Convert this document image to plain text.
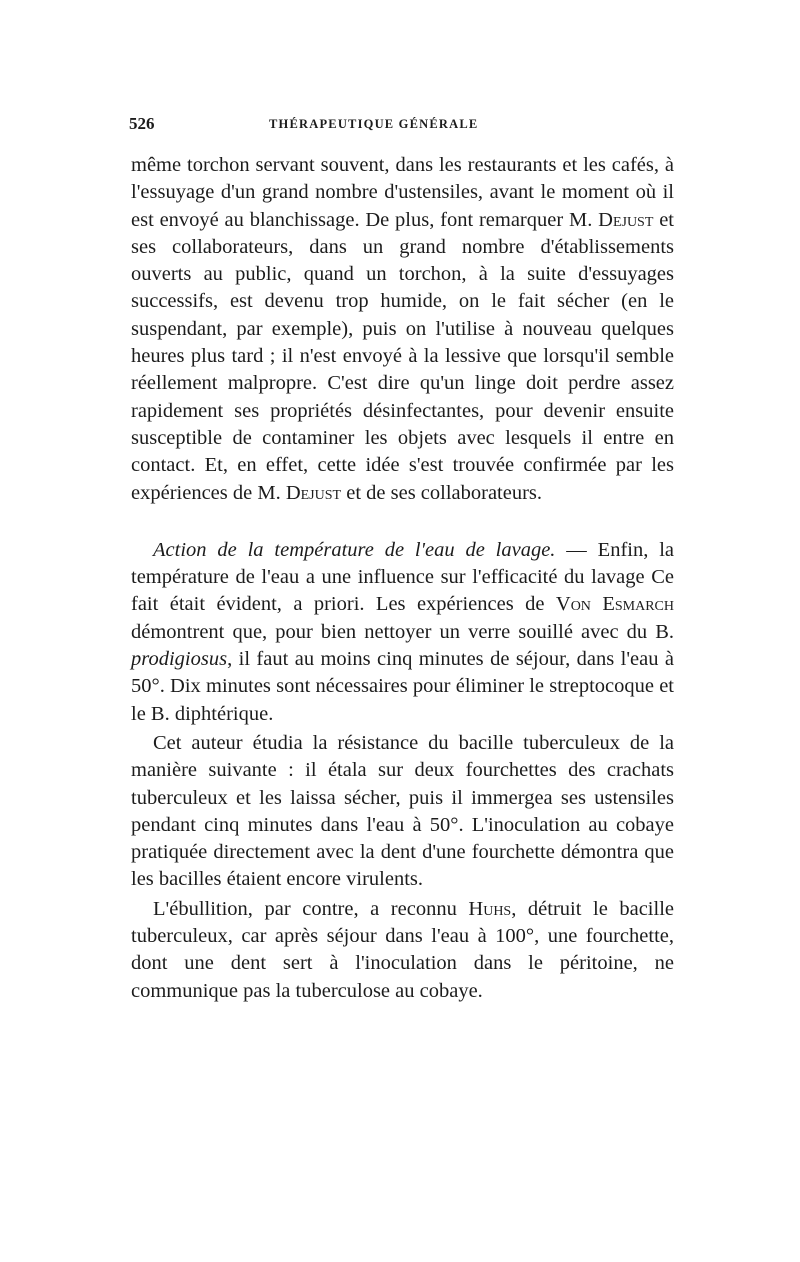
526	THÉRAPEUTIQUE GÉNÉRALE

même torchon servant souvent, dans les restaurants et les cafés, à l'essuyage d'un grand nombre d'ustensiles, avant le moment où il est envoyé au blanchissage. De plus, font remarquer M. Dejust et ses collaborateurs, dans un grand nombre d'établissements ouverts au public, quand un torchon, à la suite d'essuyages successifs, est devenu trop humide, on le fait sécher (en le suspendant, par exemple), puis on l'utilise à nouveau quelques heures plus tard ; il n'est envoyé à la lessive que lorsqu'il semble réellement malpropre. C'est dire qu'un linge doit perdre assez rapidement ses propriétés désinfectantes, pour devenir ensuite susceptible de contaminer les objets avec lesquels il entre en contact. Et, en effet, cette idée s'est trouvée confirmée par les expériences de M. Dejust et de ses collaborateurs.

Action de la température de l'eau de lavage. — Enfin, la température de l'eau a une influence sur l'efficacité du lavage Ce fait était évident, a priori. Les expériences de Von Esmarch démontrent que, pour bien nettoyer un verre souillé avec du B. prodigiosus, il faut au moins cinq minutes de séjour, dans l'eau à 50°. Dix minutes sont nécessaires pour éliminer le streptocoque et le B. diphtérique.

Cet auteur étudia la résistance du bacille tuberculeux de la manière suivante : il étala sur deux fourchettes des crachats tuberculeux et les laissa sécher, puis il immergea ses ustensiles pendant cinq minutes dans l'eau à 50°. L'inoculation au cobaye pratiquée directement avec la dent d'une fourchette démontra que les bacilles étaient encore virulents.

L'ébullition, par contre, a reconnu Huhs, détruit le bacille tuberculeux, car après séjour dans l'eau à 100°, une fourchette, dont une dent sert à l'inoculation dans le péritoine, ne communique pas la tuberculose au cobaye.
